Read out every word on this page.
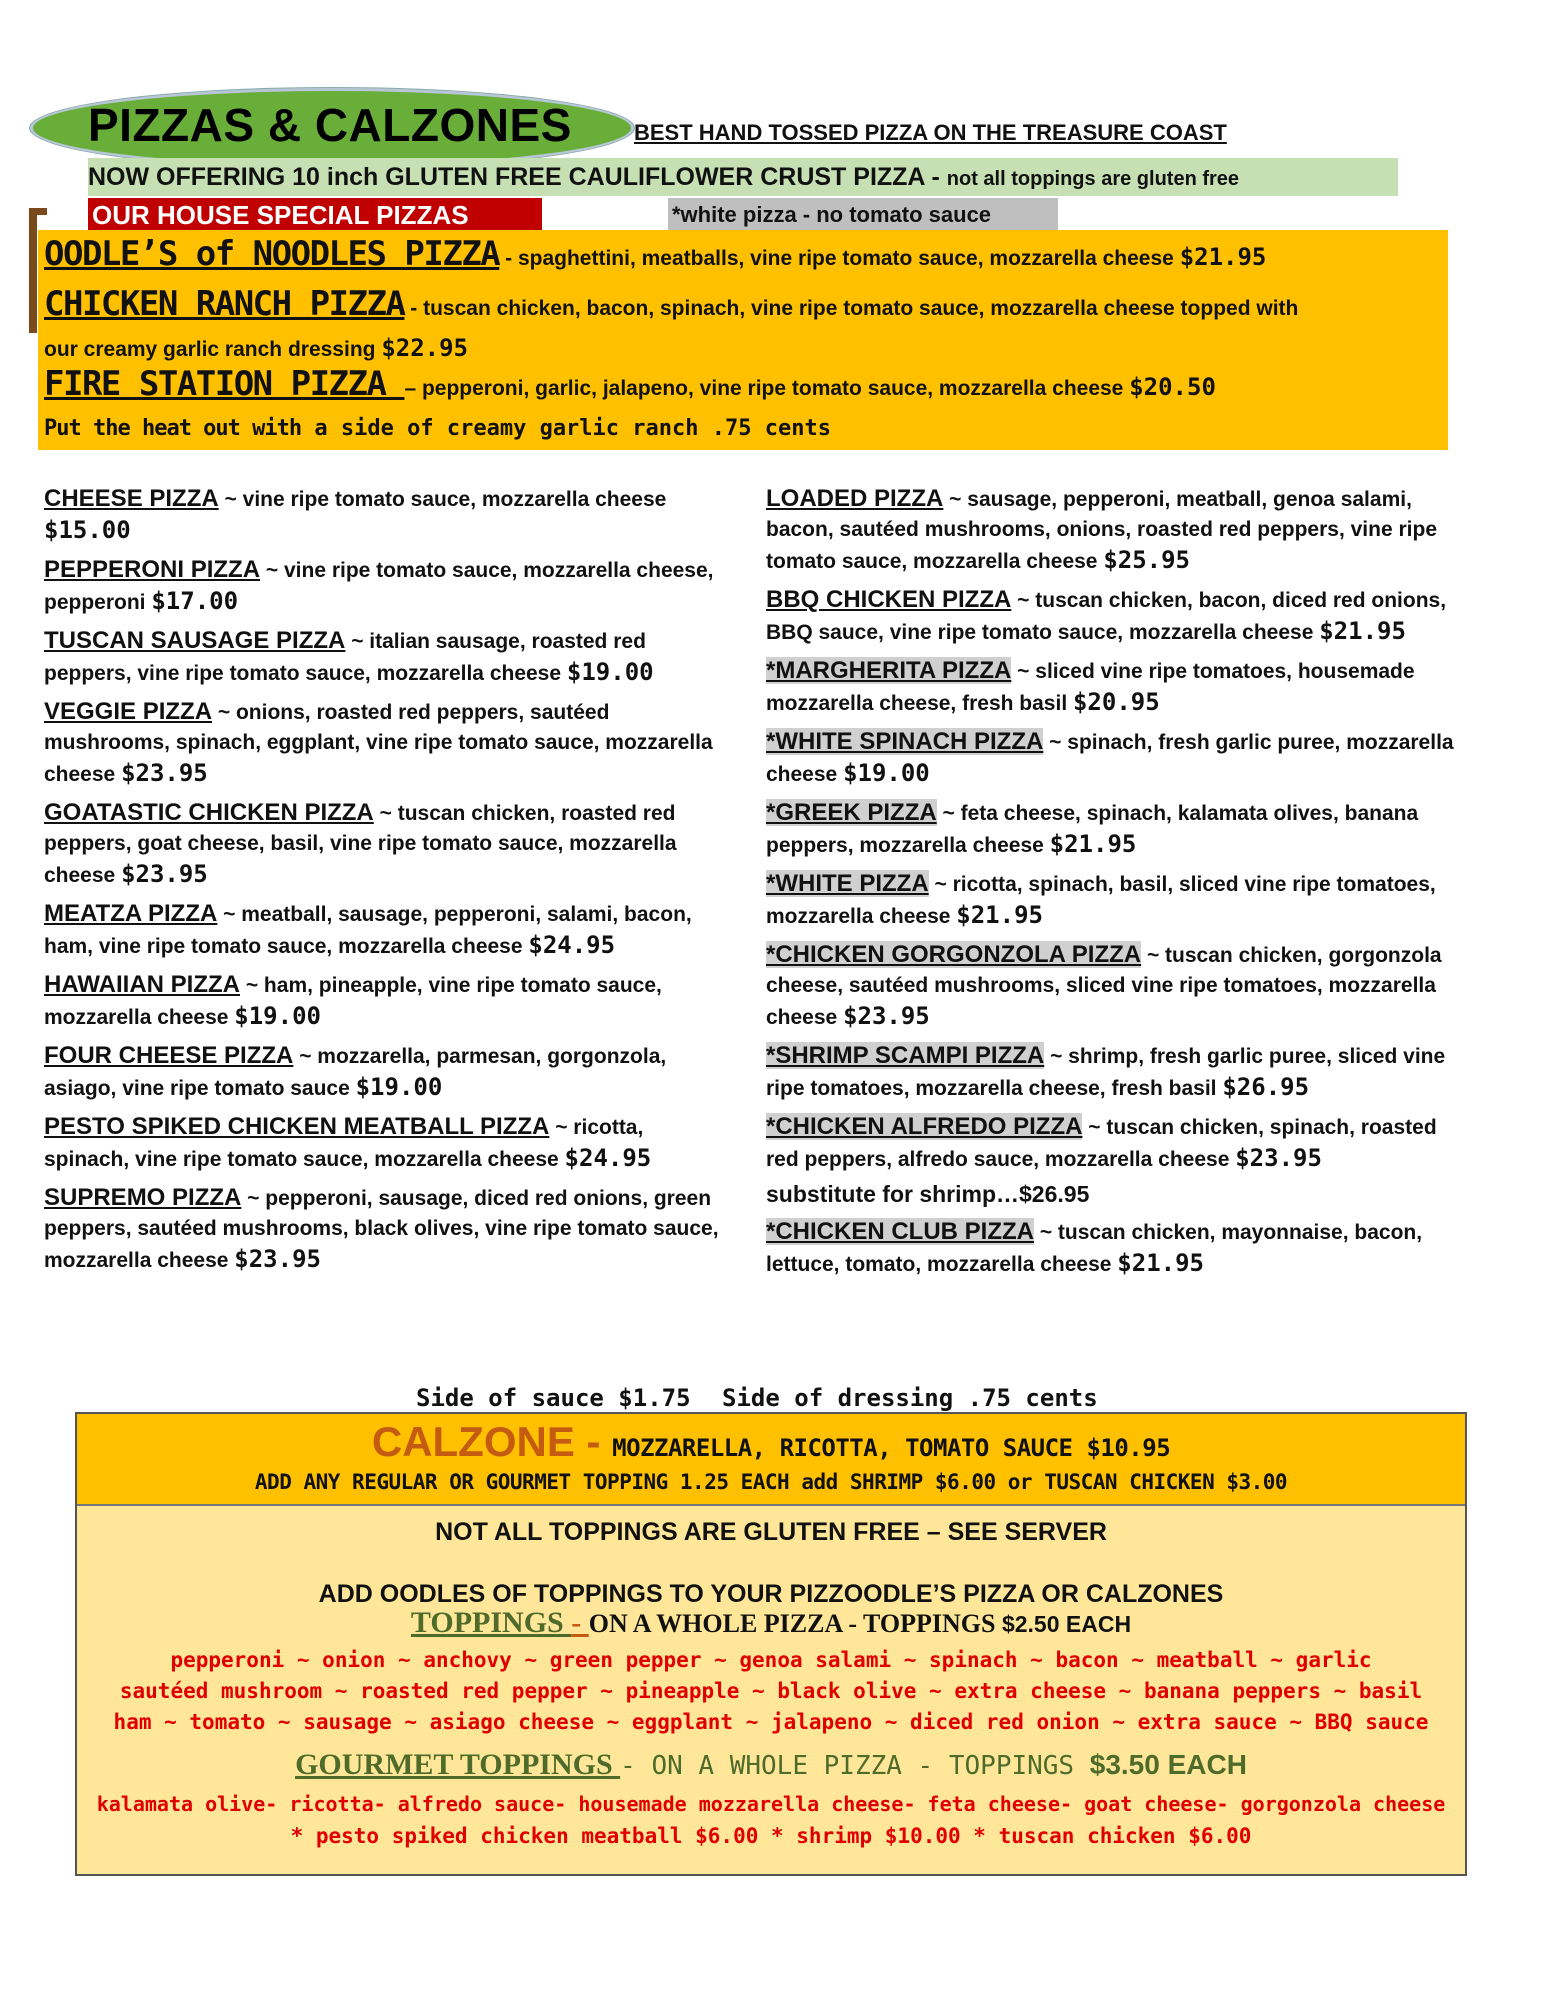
PIZZAS & CALZONES	BEST HAND TOSSED PIZZA ON THE TREASURE COAST
NOW OFFERING 10 inch GLUTEN FREE CAULIFLOWER CRUST PIZZA - not all toppings are gluten free
OUR HOUSE SPECIAL PIZZAS	*white pizza - no tomato sauce
OODLE’S of NOODLES PIZZA - spaghettini, meatballs, vine ripe tomato sauce, mozzarella cheese $21.95
CHICKEN RANCH PIZZA - tuscan chicken, bacon, spinach, vine ripe tomato sauce, mozzarella cheese topped with
our creamy garlic ranch dressing $22.95
FIRE STATION PIZZA – pepperoni, garlic, jalapeno, vine ripe tomato sauce, mozzarella cheese $20.50
Put the heat out with a side of creamy garlic ranch .75 cents
CHEESE PIZZA ~ vine ripe tomato sauce, mozzarella cheese $15.00
PEPPERONI PIZZA ~ vine ripe tomato sauce, mozzarella cheese, pepperoni $17.00
TUSCAN SAUSAGE PIZZA ~ italian sausage, roasted red peppers, vine ripe tomato sauce, mozzarella cheese $19.00
VEGGIE PIZZA ~ onions, roasted red peppers, sautéed mushrooms, spinach, eggplant, vine ripe tomato sauce, mozzarella cheese $23.95
GOATASTIC CHICKEN PIZZA ~ tuscan chicken, roasted red peppers, goat cheese, basil, vine ripe tomato sauce, mozzarella cheese $23.95
MEATZA PIZZA ~ meatball, sausage, pepperoni, salami, bacon, ham, vine ripe tomato sauce, mozzarella cheese $24.95
HAWAIIAN PIZZA ~ ham, pineapple, vine ripe tomato sauce, mozzarella cheese $19.00
FOUR CHEESE PIZZA ~ mozzarella, parmesan, gorgonzola, asiago, vine ripe tomato sauce $19.00
PESTO SPIKED CHICKEN MEATBALL PIZZA ~ ricotta, spinach, vine ripe tomato sauce, mozzarella cheese $24.95
SUPREMO PIZZA ~ pepperoni, sausage, diced red onions, green peppers, sautéed mushrooms, black olives, vine ripe tomato sauce, mozzarella cheese $23.95
LOADED PIZZA ~ sausage, pepperoni, meatball, genoa salami, bacon, sautéed mushrooms, onions, roasted red peppers, vine ripe tomato sauce, mozzarella cheese $25.95
BBQ CHICKEN PIZZA ~ tuscan chicken, bacon, diced red onions, BBQ sauce, vine ripe tomato sauce, mozzarella cheese $21.95
*MARGHERITA PIZZA ~ sliced vine ripe tomatoes, housemade mozzarella cheese, fresh basil $20.95
*WHITE SPINACH PIZZA ~ spinach, fresh garlic puree, mozzarella cheese $19.00
*GREEK PIZZA ~ feta cheese, spinach, kalamata olives, banana peppers, mozzarella cheese $21.95
*WHITE PIZZA ~ ricotta, spinach, basil, sliced vine ripe tomatoes, mozzarella cheese $21.95
*CHICKEN GORGONZOLA PIZZA ~ tuscan chicken, gorgonzola cheese, sautéed mushrooms, sliced vine ripe tomatoes, mozzarella cheese $23.95
*SHRIMP SCAMPI PIZZA ~ shrimp, fresh garlic puree, sliced vine ripe tomatoes, mozzarella cheese, fresh basil $26.95
*CHICKEN ALFREDO PIZZA ~ tuscan chicken, spinach, roasted red peppers, alfredo sauce, mozzarella cheese $23.95
substitute for shrimp…$26.95
*CHICKEN CLUB PIZZA ~ tuscan chicken, mayonnaise, bacon, lettuce, tomato, mozzarella cheese $21.95
Side of sauce $1.75 Side of dressing .75 cents
CALZONE - MOZZARELLA, RICOTTA, TOMATO SAUCE $10.95
ADD ANY REGULAR OR GOURMET TOPPING 1.25 EACH add SHRIMP $6.00 or TUSCAN CHICKEN $3.00
NOT ALL TOPPINGS ARE GLUTEN FREE – SEE SERVER
ADD OODLES OF TOPPINGS TO YOUR PIZZOODLE’S PIZZA OR CALZONES
TOPPINGS - ON A WHOLE PIZZA - TOPPINGS $2.50 EACH
pepperoni ~ onion ~ anchovy ~ green pepper ~ genoa salami ~ spinach ~ bacon ~ meatball ~ garlic
sautéed mushroom ~ roasted red pepper ~ pineapple ~ black olive ~ extra cheese ~ banana peppers ~ basil
ham ~ tomato ~ sausage ~ asiago cheese ~ eggplant ~ jalapeno ~ diced red onion ~ extra sauce ~ BBQ sauce
GOURMET TOPPINGS - ON A WHOLE PIZZA - TOPPINGS $3.50 EACH
kalamata olive- ricotta- alfredo sauce- housemade mozzarella cheese- feta cheese- goat cheese- gorgonzola cheese
* pesto spiked chicken meatball $6.00 * shrimp $10.00 * tuscan chicken $6.00
